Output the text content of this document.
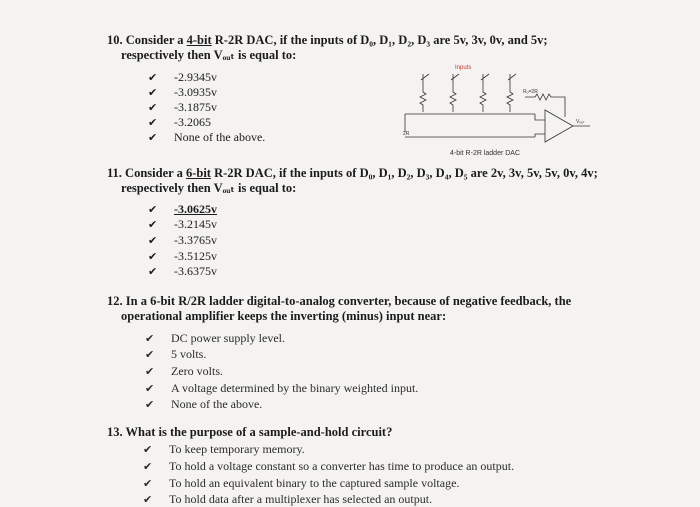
10. Consider a 4-bit R-2R DAC, if the inputs of D₀, D₁, D₂, D₃ are 5v, 3v, 0v, and 5v;
respectively then Vₒᵤₜ is equal to:
✔ -2.9345v
✔ -3.0935v
✔ -3.1875v
✔ -3.2065
✔ None of the above.
Inputs
2R
Rₒ=2R
Vₒᵤₜ
4-bit R-2R ladder DAC
11. Consider a 6-bit R-2R DAC, if the inputs of D₀, D₁, D₂, D₃, D₄, D₅ are 2v, 3v, 5v, 5v, 0v, 4v;
respectively then Vₒᵤₜ is equal to:
✔ -3.0625v
✔ -3.2145v
✔ -3.3765v
✔ -3.5125v
✔ -3.6375v
12. In a 6-bit R/2R ladder digital-to-analog converter, because of negative feedback, the
operational amplifier keeps the inverting (minus) input near:
✔ DC power supply level.
✔ 5 volts.
✔ Zero volts.
✔ A voltage determined by the binary weighted input.
✔ None of the above.
13. What is the purpose of a sample-and-hold circuit?
✔ To keep temporary memory.
✔ To hold a voltage constant so a converter has time to produce an output.
✔ To hold an equivalent binary to the captured sample voltage.
✔ To hold data after a multiplexer has selected an output.
